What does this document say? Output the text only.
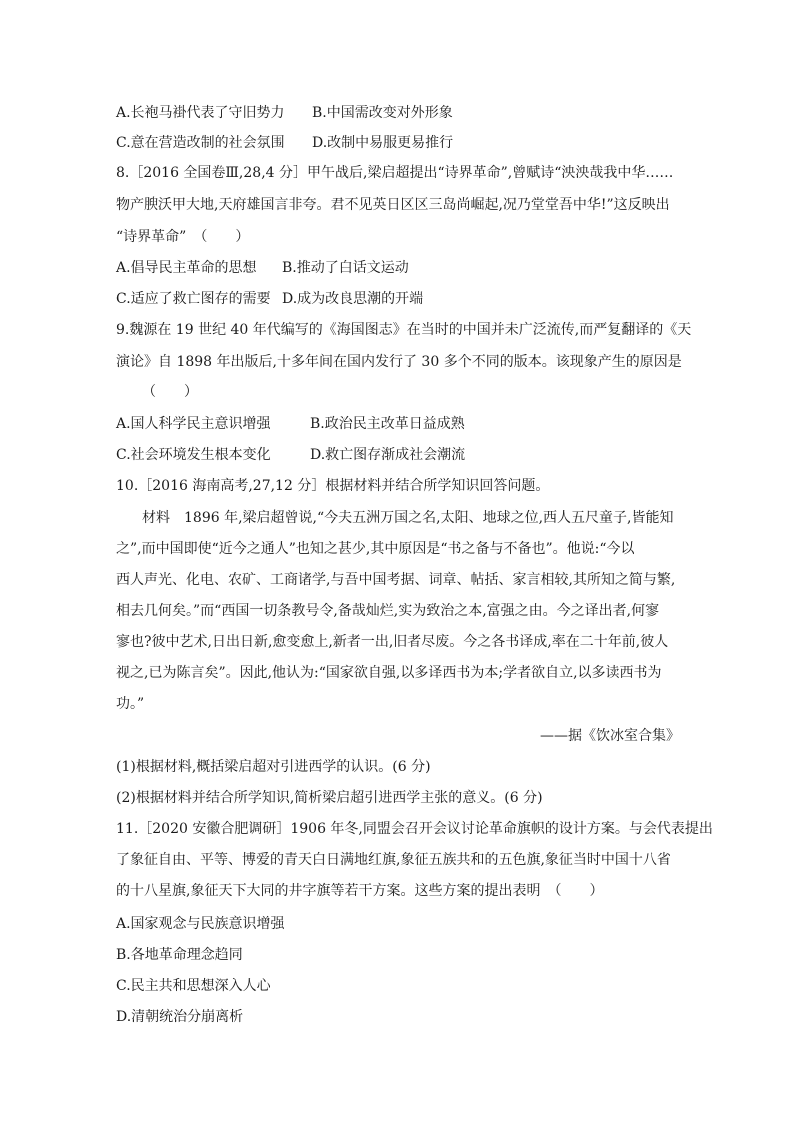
A.长袍马褂代表了守旧势力 B.中国需改变对外形象
C.意在营造改制的社会氛围 D.改制中易服更易推行
8.［2016 全国卷Ⅲ,28,4 分］甲午战后,梁启超提出“诗界革命”,曾赋诗“泱泱哉我中华……
物产腴沃甲大地,天府雄国言非夸。君不见英日区区三岛尚崛起,况乃堂堂吾中华!”这反映出
“诗界革命”　（　　）
A.倡导民主革命的思想 B.推动了白话文运动
C.适应了救亡图存的需要 D.成为改良思潮的开端
9.魏源在 19 世纪 40 年代编写的《海国图志》在当时的中国并未广泛流传,而严复翻译的《天
演论》自 1898 年出版后,十多年间在国内发行了 30 多个不同的版本。该现象产生的原因是
（　　）
A.国人科学民主意识增强	B.政治民主改革日益成熟
C.社会环境发生根本变化	D.救亡图存渐成社会潮流
10.［2016 海南高考,27,12 分］根据材料并结合所学知识回答问题。
材料　1896 年,梁启超曾说,“今夫五洲万国之名,太阳、地球之位,西人五尺童子,皆能知
之”,而中国即使“近今之通人”也知之甚少,其中原因是“书之备与不备也”。他说:“今以
西人声光、化电、农矿、工商诸学,与吾中国考据、词章、帖括、家言相较,其所知之简与繁,
相去几何矣。”而“西国一切条教号令,备哉灿烂,实为致治之本,富强之由。今之译出者,何寥
寥也?彼中艺术,日出日新,愈变愈上,新者一出,旧者尽废。今之各书译成,率在二十年前,彼人
视之,已为陈言矣”。因此,他认为:“国家欲自强,以多译西书为本;学者欲自立,以多读西书为
功。”
——据《饮冰室合集》
(1)根据材料,概括梁启超对引进西学的认识。(6 分)
(2)根据材料并结合所学知识,简析梁启超引进西学主张的意义。(6 分)
11.［2020 安徽合肥调研］1906 年冬,同盟会召开会议讨论革命旗帜的设计方案。与会代表提出
了象征自由、平等、博爱的青天白日满地红旗,象征五族共和的五色旗,象征当时中国十八省
的十八星旗,象征天下大同的井字旗等若干方案。这些方案的提出表明　（　　）
A.国家观念与民族意识增强
B.各地革命理念趋同
C.民主共和思想深入人心
D.清朝统治分崩离析
